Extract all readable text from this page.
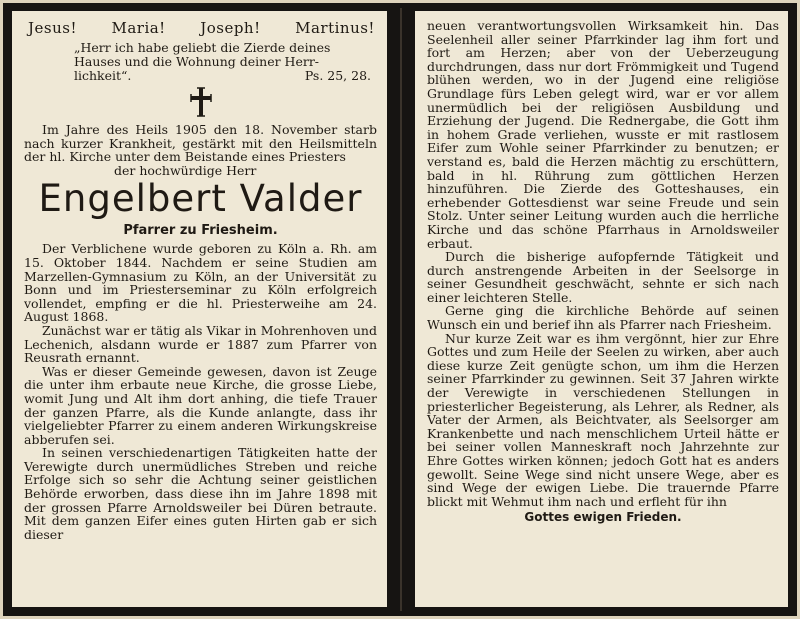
Jesus! Maria! Joseph! Martinus!
„Herr ich habe geliebt die Zierde deines
Hauses und die Wohnung deiner Herr-
lichkeit“.	Ps. 25, 28.

Im Jahre des Heils 1905 den 18. November starb nach kurzer Krankheit, gestärkt mit den Heilsmitteln der hl. Kirche unter dem Beistande eines Priesters

der hochwürdige Herr

Engelbert Valder
Pfarrer zu Friesheim.

Der Verblichene wurde geboren zu Köln a. Rh. am 15. Oktober 1844. Nachdem er seine Studien am Marzellen-Gymnasium zu Köln, an der Universität zu Bonn und im Priesterseminar zu Köln erfolgreich vollendet, empfing er die hl. Priesterweihe am 24. August 1868.

Zunächst war er tätig als Vikar in Mohrenhoven und Lechenich, alsdann wurde er 1887 zum Pfarrer von Reusrath ernannt.

Was er dieser Gemeinde gewesen, davon ist Zeuge die unter ihm erbaute neue Kirche, die grosse Liebe, womit Jung und Alt ihm dort anhing, die tiefe Trauer der ganzen Pfarre, als die Kunde anlangte, dass ihr vielgeliebter Pfarrer zu einem anderen Wirkungskreise abberufen sei.

In seinen verschiedenartigen Tätigkeiten hatte der Verewigte durch unermüdliches Streben und reiche Erfolge sich so sehr die Achtung seiner geistlichen Behörde erworben, dass diese ihn im Jahre 1898 mit der grossen Pfarre Arnoldsweiler bei Düren betraute. Mit dem ganzen Eifer eines guten Hirten gab er sich dieser

neuen verantwortungsvollen Wirksamkeit hin. Das Seelenheil aller seiner Pfarrkinder lag ihm fort und fort am Herzen; aber von der Ueberzeugung durchdrungen, dass nur dort Frömmigkeit und Tugend blühen werden, wo in der Jugend eine religiöse Grundlage fürs Leben gelegt wird, war er vor allem unermüdlich bei der religiösen Ausbildung und Erziehung der Jugend. Die Rednergabe, die Gott ihm in hohem Grade verliehen, wusste er mit rastlosem Eifer zum Wohle seiner Pfarrkinder zu benutzen; er verstand es, bald die Herzen mächtig zu erschüttern, bald in hl. Rührung zum göttlichen Herzen hinzuführen. Die Zierde des Gotteshauses, ein erhebender Gottesdienst war seine Freude und sein Stolz. Unter seiner Leitung wurden auch die herrliche Kirche und das schöne Pfarrhaus in Arnoldsweiler erbaut.

Durch die bisherige aufopfernde Tätigkeit und durch anstrengende Arbeiten in der Seelsorge in seiner Gesundheit geschwächt, sehnte er sich nach einer leichteren Stelle.

Gerne ging die kirchliche Behörde auf seinen Wunsch ein und berief ihn als Pfarrer nach Friesheim.

Nur kurze Zeit war es ihm vergönnt, hier zur Ehre Gottes und zum Heile der Seelen zu wirken, aber auch diese kurze Zeit genügte schon, um ihm die Herzen seiner Pfarrkinder zu gewinnen. Seit 37 Jahren wirkte der Verewigte in verschiedenen Stellungen in priesterlicher Begeisterung, als Lehrer, als Redner, als Vater der Armen, als Beichtvater, als Seelsorger am Krankenbette und nach menschlichem Urteil hätte er bei seiner vollen Manneskraft noch Jahrzehnte zur Ehre Gottes wirken können; jedoch Gott hat es anders gewollt. Seine Wege sind nicht unsere Wege, aber es sind Wege der ewigen Liebe. Die trauernde Pfarre blickt mit Wehmut ihm nach und erfleht für ihn

Gottes ewigen Frieden.
